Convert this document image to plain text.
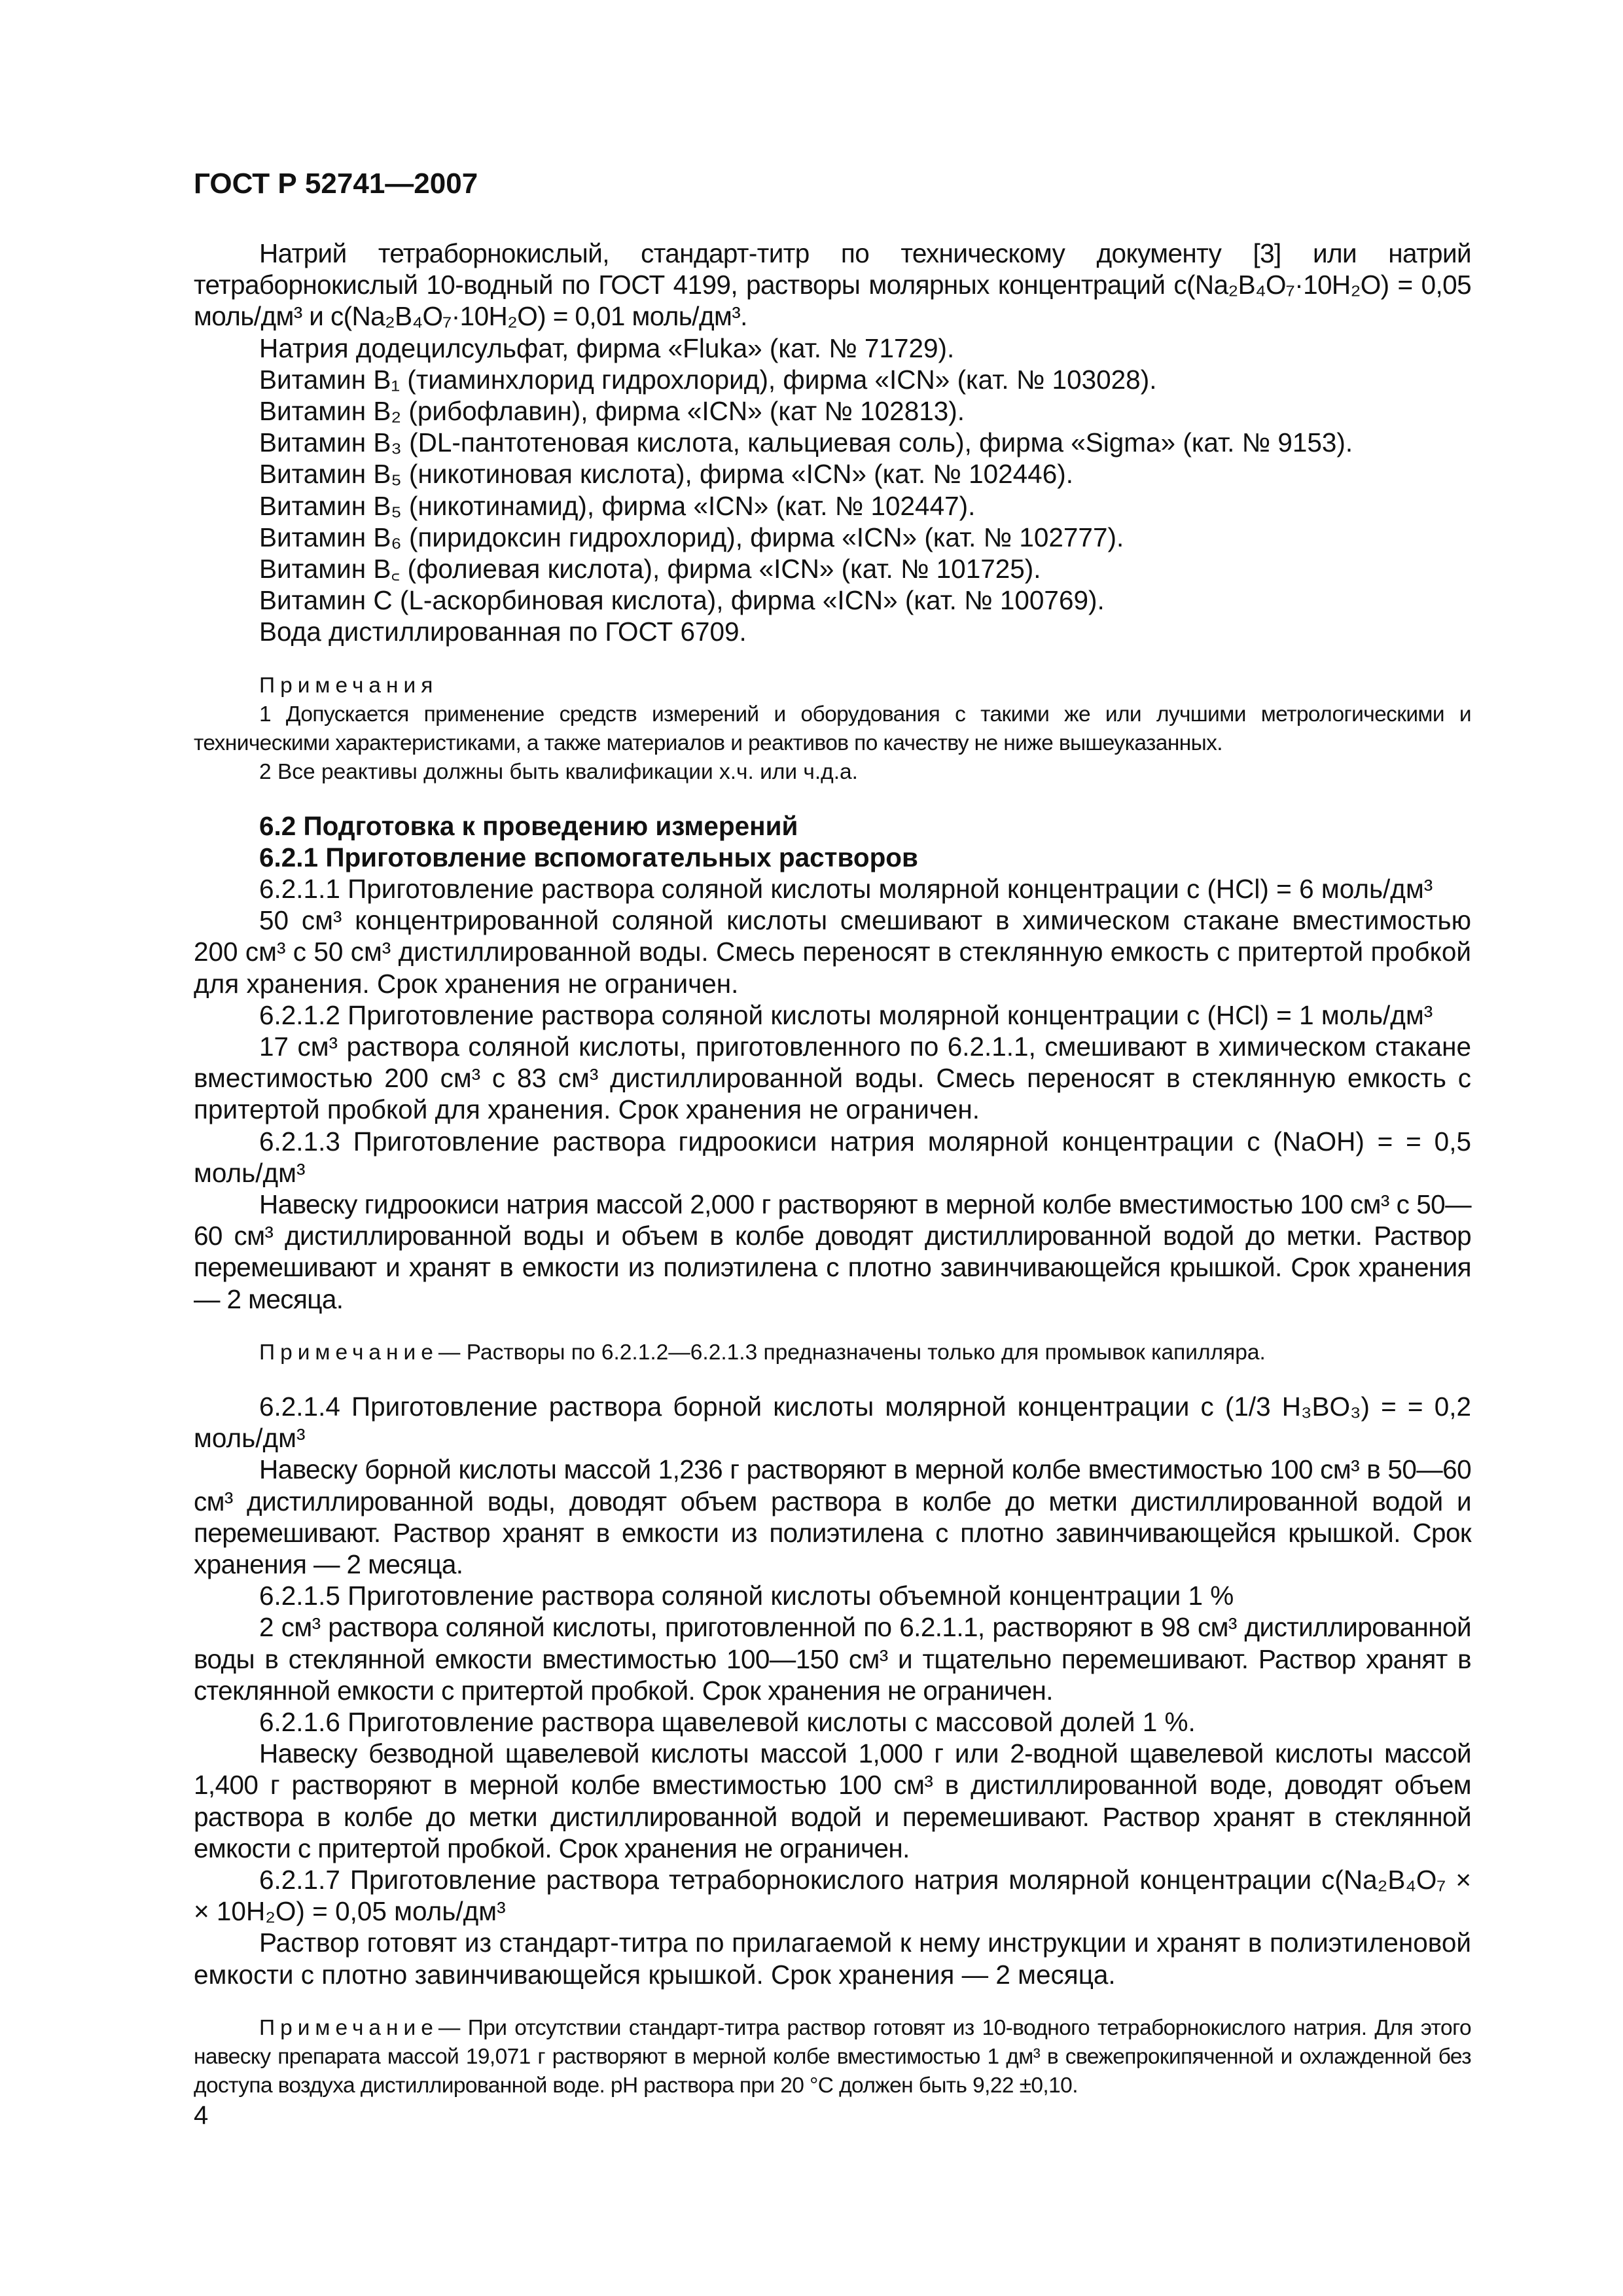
ГОСТ Р 52741—2007

Натрий тетраборнокислый, стандарт-титр по техническому документу [3] или натрий тетраборнокислый 10-водный по ГОСТ 4199, растворы молярных концентраций c(Na₂B₄O₇·10H₂O) = 0,05 моль/дм³ и c(Na₂B₄O₇·10H₂O) = 0,01 моль/дм³.

Натрия додецилсульфат, фирма «Fluka» (кат. № 71729).
Витамин B₁ (тиаминхлорид гидрохлорид), фирма «ICN» (кат. № 103028).
Витамин B₂ (рибофлавин), фирма «ICN» (кат № 102813).
Витамин B₃ (DL-пантотеновая кислота, кальциевая соль), фирма «Sigma» (кат. № 9153).
Витамин B₅ (никотиновая кислота), фирма «ICN» (кат. № 102446).
Витамин B₅ (никотинамид), фирма «ICN» (кат. № 102447).
Витамин B₆ (пиридоксин гидрохлорид), фирма «ICN» (кат. № 102777).
Витамин B꜀ (фолиевая кислота), фирма «ICN» (кат. № 101725).
Витамин C (L-аскорбиновая кислота), фирма «ICN» (кат. № 100769).
Вода дистиллированная по ГОСТ 6709.
Примечания

1 Допускается применение средств измерений и оборудования с такими же или лучшими метрологическими и техническими характеристиками, а также материалов и реактивов по качеству не ниже вышеуказанных.

2 Все реактивы должны быть квалификации х.ч. или ч.д.а.

6.2 Подготовка к проведению измерений
6.2.1 Приготовление вспомогательных растворов

6.2.1.1 Приготовление раствора соляной кислоты молярной концентрации c (HCl) = 6 моль/дм³

50 см³ концентрированной соляной кислоты смешивают в химическом стакане вместимостью 200 см³ с 50 см³ дистиллированной воды. Смесь переносят в стеклянную емкость с притертой пробкой для хранения. Срок хранения не ограничен.

6.2.1.2 Приготовление раствора соляной кислоты молярной концентрации c (HCl) = 1 моль/дм³

17 см³ раствора соляной кислоты, приготовленного по 6.2.1.1, смешивают в химическом стакане вместимостью 200 см³ с 83 см³ дистиллированной воды. Смесь переносят в стеклянную емкость с притертой пробкой для хранения. Срок хранения не ограничен.

6.2.1.3 Приготовление раствора гидроокиси натрия молярной концентрации c (NaOH) = = 0,5 моль/дм³

Навеску гидроокиси натрия массой 2,000 г растворяют в мерной колбе вместимостью 100 см³ с 50—60 см³ дистиллированной воды и объем в колбе доводят дистиллированной водой до метки. Раствор перемешивают и хранят в емкости из полиэтилена с плотно завинчивающейся крышкой. Срок хранения — 2 месяца.

Примечание— Растворы по 6.2.1.2—6.2.1.3 предназначены только для промывок капилляра.

6.2.1.4 Приготовление раствора борной кислоты молярной концентрации c (1/3 H₃BO₃) = = 0,2 моль/дм³

Навеску борной кислоты массой 1,236 г растворяют в мерной колбе вместимостью 100 см³ в 50—60 см³ дистиллированной воды, доводят объем раствора в колбе до метки дистиллированной водой и перемешивают. Раствор хранят в емкости из полиэтилена с плотно завинчивающейся крышкой. Срок хранения — 2 месяца.

6.2.1.5 Приготовление раствора соляной кислоты объемной концентрации 1 %

2 см³ раствора соляной кислоты, приготовленной по 6.2.1.1, растворяют в 98 см³ дистиллированной воды в стеклянной емкости вместимостью 100—150 см³ и тщательно перемешивают. Раствор хранят в стеклянной емкости с притертой пробкой. Срок хранения не ограничен.

6.2.1.6 Приготовление раствора щавелевой кислоты с массовой долей 1 %.

Навеску безводной щавелевой кислоты массой 1,000 г или 2-водной щавелевой кислоты массой 1,400 г растворяют в мерной колбе вместимостью 100 см³ в дистиллированной воде, доводят объем раствора в колбе до метки дистиллированной водой и перемешивают. Раствор хранят в стеклянной емкости с притертой пробкой. Срок хранения не ограничен.

6.2.1.7 Приготовление раствора тетраборнокислого натрия молярной концентрации c(Na₂B₄O₇ × × 10H₂O) = 0,05 моль/дм³

Раствор готовят из стандарт-титра по прилагаемой к нему инструкции и хранят в полиэтиленовой емкости с плотно завинчивающейся крышкой. Срок хранения — 2 месяца.

Примечание— При отсутствии стандарт-титра раствор готовят из 10-водного тетраборнокислого натрия. Для этого навеску препарата массой 19,071 г растворяют в мерной колбе вместимостью 1 дм³ в свежепрокипяченной и охлажденной без доступа воздуха дистиллированной воде. pH раствора при 20 °C должен быть 9,22 ±0,10.

4
